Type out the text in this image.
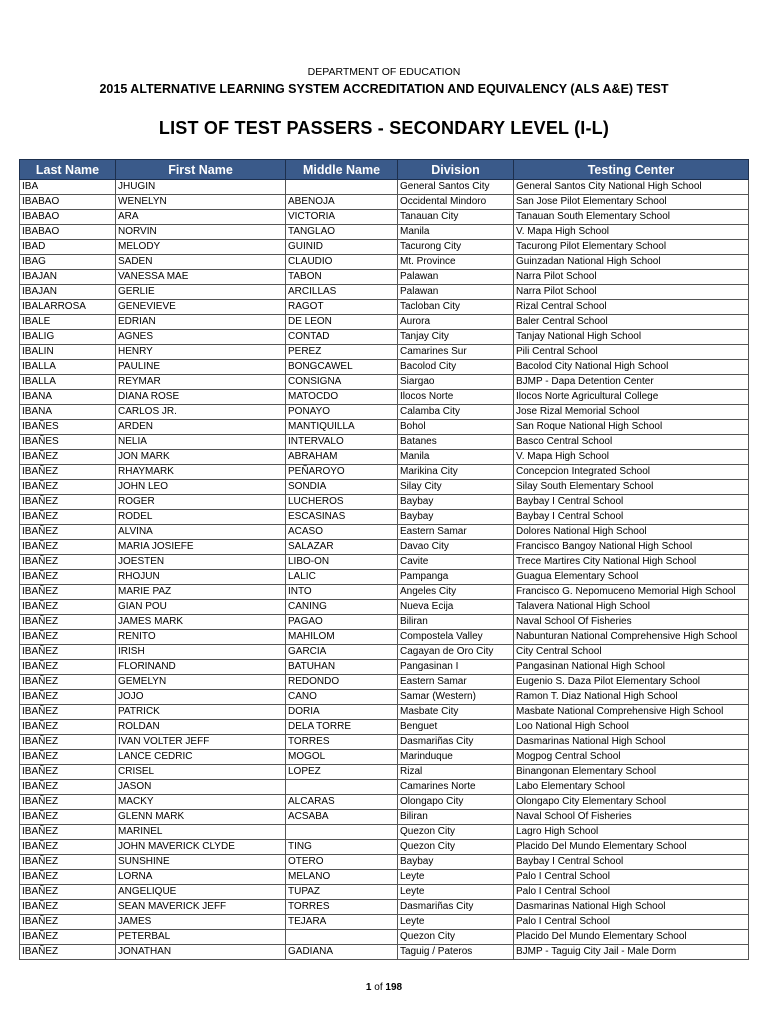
DEPARTMENT OF EDUCATION
2015 ALTERNATIVE LEARNING SYSTEM ACCREDITATION AND EQUIVALENCY (ALS A&E) TEST
LIST OF TEST PASSERS - SECONDARY LEVEL (I-L)
Last Name	First Name	Middle Name	Division	Testing Center
IBA	JHUGIN		General Santos City	General Santos City National High School
IBABAO	WENELYN	ABENOJA	Occidental Mindoro	San Jose Pilot Elementary School
IBABAO	ARA	VICTORIA	Tanauan City	Tanauan South Elementary School
IBABAO	NORVIN	TANGLAO	Manila	V. Mapa High School
IBAD	MELODY	GUINID	Tacurong City	Tacurong Pilot Elementary School
IBAG	SADEN	CLAUDIO	Mt. Province	Guinzadan National High School
IBAJAN	VANESSA MAE	TABON	Palawan	Narra Pilot School
IBAJAN	GERLIE	ARCILLAS	Palawan	Narra Pilot School
IBALARROSA	GENEVIEVE	RAGOT	Tacloban City	Rizal Central School
IBALE	EDRIAN	DE LEON	Aurora	Baler Central School
IBALIG	AGNES	CONTAD	Tanjay City	Tanjay National High School
IBALIN	HENRY	PEREZ	Camarines Sur	Pili Central School
IBALLA	PAULINE	BONGCAWEL	Bacolod City	Bacolod City National High School
IBALLA	REYMAR	CONSIGNA	Siargao	BJMP - Dapa Detention Center
IBANA	DIANA ROSE	MATOCDO	Ilocos Norte	Ilocos Norte Agricultural College
IBANA	CARLOS JR.	PONAYO	Calamba City	Jose Rizal Memorial School
IBAÑES	ARDEN	MANTIQUILLA	Bohol	San Roque National High School
IBAÑES	NELIA	INTERVALO	Batanes	Basco Central School
IBAÑEZ	JON MARK	ABRAHAM	Manila	V. Mapa High School
IBAÑEZ	RHAYMARK	PEÑAROYO	Marikina City	Concepcion Integrated School
IBAÑEZ	JOHN LEO	SONDIA	Silay City	Silay South Elementary School
IBAÑEZ	ROGER	LUCHEROS	Baybay	Baybay I Central School
IBAÑEZ	RODEL	ESCASINAS	Baybay	Baybay I Central School
IBAÑEZ	ALVINA	ACASO	Eastern Samar	Dolores National High School
IBAÑEZ	MARIA JOSIEFE	SALAZAR	Davao City	Francisco Bangoy National High School
IBAÑEZ	JOESTEN	LIBO-ON	Cavite	Trece Martires City National High School
IBAÑEZ	RHOJUN	LALIC	Pampanga	Guagua Elementary School
IBAÑEZ	MARIE PAZ	INTO	Angeles City	Francisco G. Nepomuceno Memorial High School
IBAÑEZ	GIAN POU	CANING	Nueva Ecija	Talavera National High School
IBAÑEZ	JAMES MARK	PAGAO	Biliran	Naval School Of Fisheries
IBAÑEZ	RENITO	MAHILOM	Compostela Valley	Nabunturan National Comprehensive High School
IBAÑEZ	IRISH	GARCIA	Cagayan de Oro City	City Central School
IBAÑEZ	FLORINAND	BATUHAN	Pangasinan I	Pangasinan National High School
IBAÑEZ	GEMELYN	REDONDO	Eastern Samar	Eugenio S. Daza Pilot Elementary School
IBAÑEZ	JOJO	CANO	Samar (Western)	Ramon T. Diaz National High School
IBAÑEZ	PATRICK	DORIA	Masbate City	Masbate National Comprehensive High School
IBAÑEZ	ROLDAN	DELA TORRE	Benguet	Loo National High School
IBAÑEZ	IVAN VOLTER JEFF	TORRES	Dasmariñas City	Dasmarinas National High School
IBAÑEZ	LANCE CEDRIC	MOGOL	Marinduque	Mogpog Central School
IBAÑEZ	CRISEL	LOPEZ	Rizal	Binangonan Elementary School
IBAÑEZ	JASON		Camarines Norte	Labo Elementary School
IBAÑEZ	MACKY	ALCARAS	Olongapo City	Olongapo City Elementary School
IBAÑEZ	GLENN MARK	ACSABA	Biliran	Naval School Of Fisheries
IBAÑEZ	MARINEL		Quezon City	Lagro High School
IBAÑEZ	JOHN MAVERICK CLYDE	TING	Quezon City	Placido Del Mundo Elementary School
IBAÑEZ	SUNSHINE	OTERO	Baybay	Baybay I Central School
IBAÑEZ	LORNA	MELANO	Leyte	Palo I Central School
IBAÑEZ	ANGELIQUE	TUPAZ	Leyte	Palo I Central School
IBAÑEZ	SEAN MAVERICK JEFF	TORRES	Dasmariñas City	Dasmarinas National High School
IBAÑEZ	JAMES	TEJARA	Leyte	Palo I Central School
IBAÑEZ	PETERBAL		Quezon City	Placido Del Mundo Elementary School
IBAÑEZ	JONATHAN	GADIANA	Taguig / Pateros	BJMP - Taguig City Jail - Male Dorm
1 of 198
